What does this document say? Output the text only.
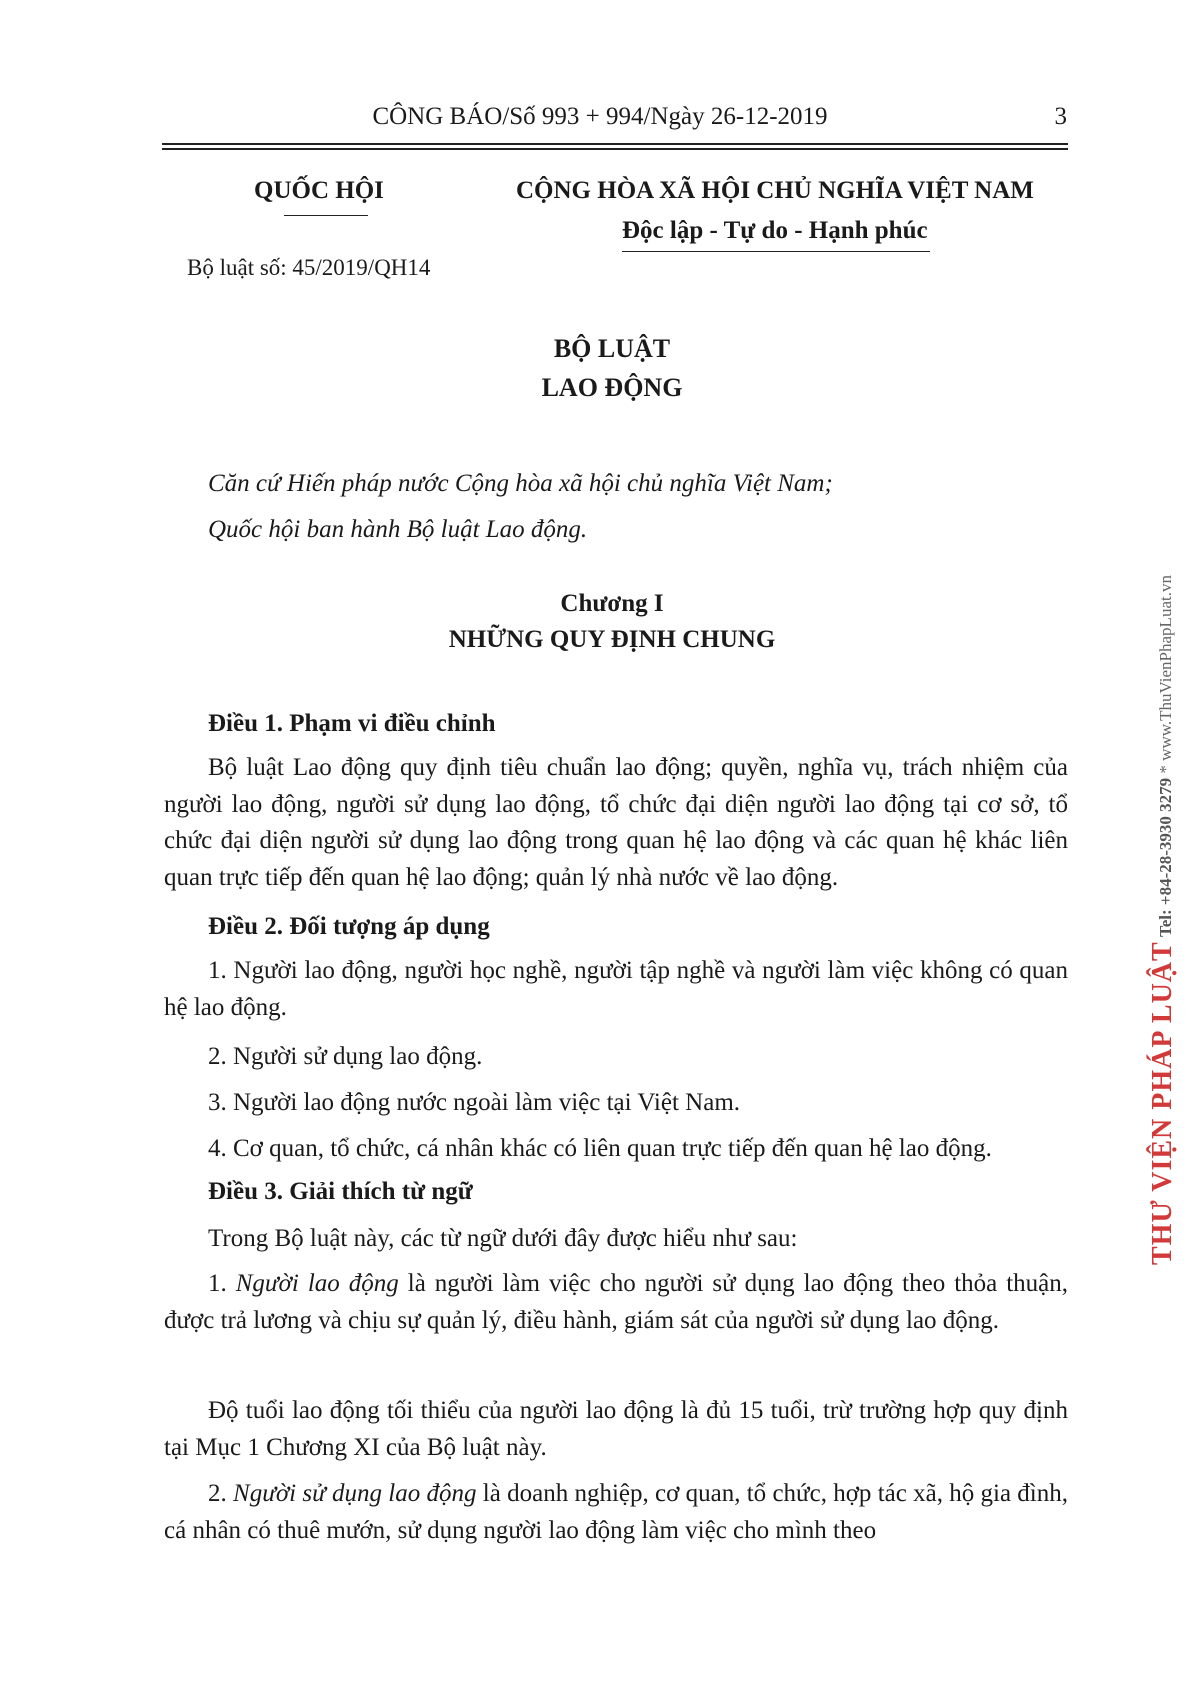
CÔNG BÁO/Số 993 + 994/Ngày 26-12-2019	3
QUỐC HỘI
Bộ luật số: 45/2019/QH14
CỘNG HÒA XÃ HỘI CHỦ NGHĨA VIỆT NAM
Độc lập - Tự do - Hạnh phúc
BỘ LUẬT
LAO ĐỘNG
Căn cứ Hiến pháp nước Cộng hòa xã hội chủ nghĩa Việt Nam;
Quốc hội ban hành Bộ luật Lao động.
Chương I
NHỮNG QUY ĐỊNH CHUNG
Điều 1. Phạm vi điều chỉnh
Bộ luật Lao động quy định tiêu chuẩn lao động; quyền, nghĩa vụ, trách nhiệm của người lao động, người sử dụng lao động, tổ chức đại diện người lao động tại cơ sở, tổ chức đại diện người sử dụng lao động trong quan hệ lao động và các quan hệ khác liên quan trực tiếp đến quan hệ lao động; quản lý nhà nước về lao động.
Điều 2. Đối tượng áp dụng
1. Người lao động, người học nghề, người tập nghề và người làm việc không có quan hệ lao động.
2. Người sử dụng lao động.
3. Người lao động nước ngoài làm việc tại Việt Nam.
4. Cơ quan, tổ chức, cá nhân khác có liên quan trực tiếp đến quan hệ lao động.
Điều 3. Giải thích từ ngữ
Trong Bộ luật này, các từ ngữ dưới đây được hiểu như sau:
1. Người lao động là người làm việc cho người sử dụng lao động theo thỏa thuận, được trả lương và chịu sự quản lý, điều hành, giám sát của người sử dụng lao động.
Độ tuổi lao động tối thiểu của người lao động là đủ 15 tuổi, trừ trường hợp quy định tại Mục 1 Chương XI của Bộ luật này.
2. Người sử dụng lao động là doanh nghiệp, cơ quan, tổ chức, hợp tác xã, hộ gia đình, cá nhân có thuê mướn, sử dụng người lao động làm việc cho mình theo
THƯ VIỆN PHÁP LUẬT Tel: +84-28-3930 3279 * www.ThuVienPhapLuat.vn
